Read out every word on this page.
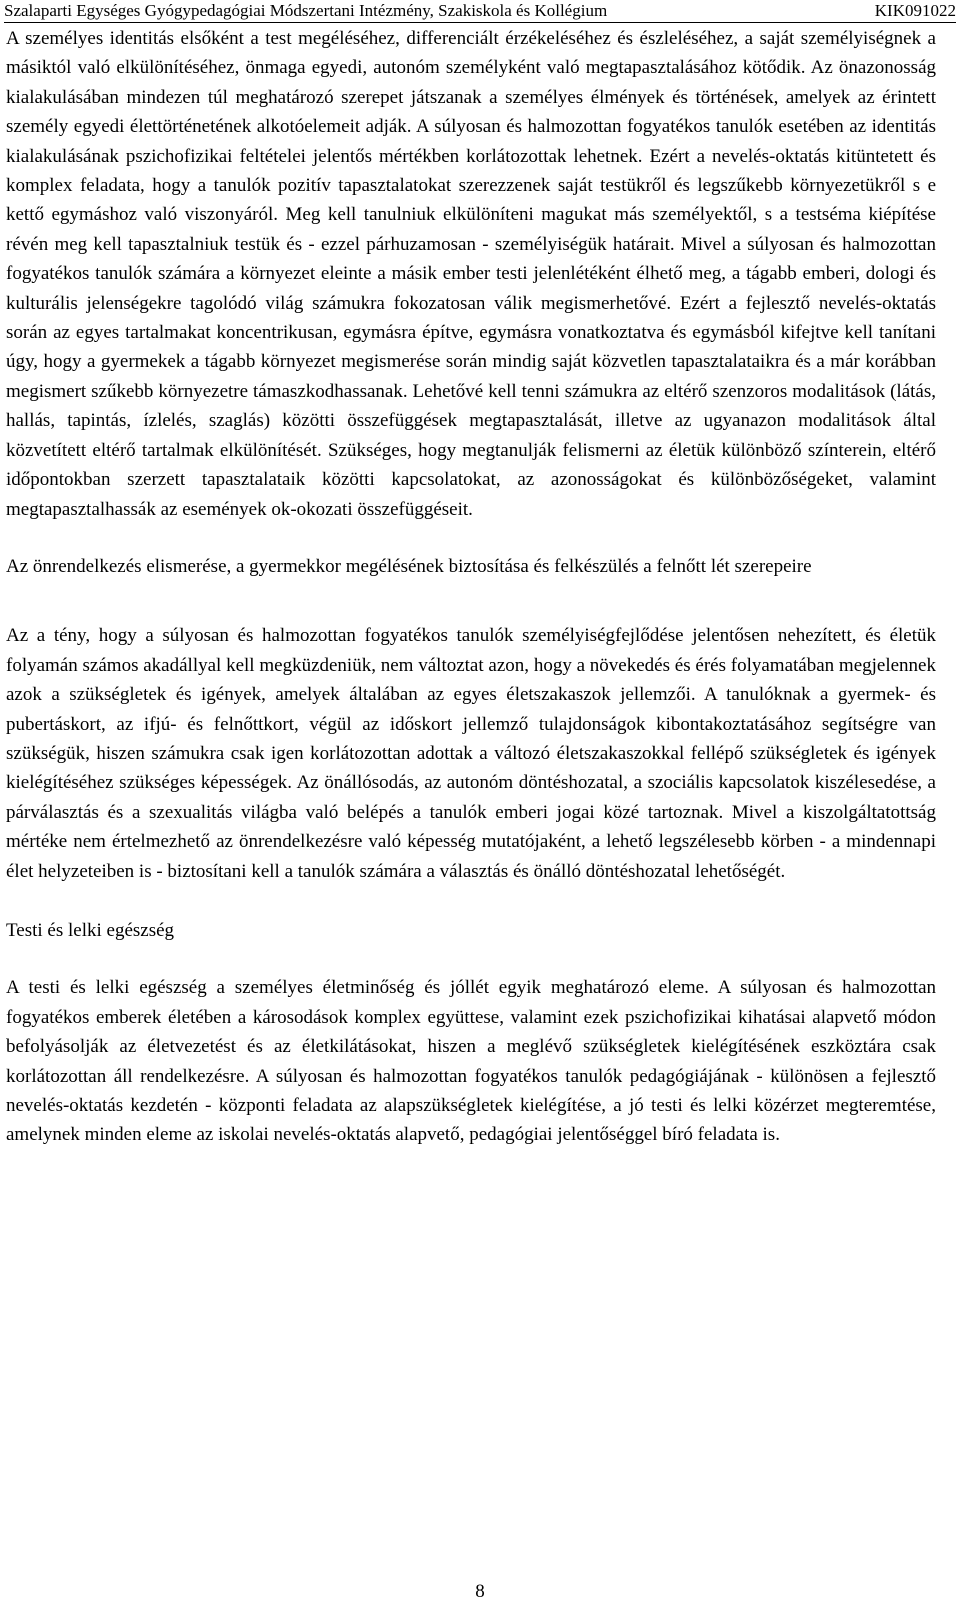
Szalaparti Egységes Gyógypedagógiai Módszertani Intézmény, Szakiskola és Kollégium	KIK091022

A személyes identitás elsőként a test megéléséhez, differenciált érzékeléséhez és észleléséhez, a saját személyiségnek a másiktól való elkülönítéséhez, önmaga egyedi, autonóm személyként való megtapasztalásához kötődik. Az önazonosság kialakulásában mindezen túl meghatározó szerepet játszanak a személyes élmények és történések, amelyek az érintett személy egyedi élettörténetének alkotóelemeit adják. A súlyosan és halmozottan fogyatékos tanulók esetében az identitás kialakulásának pszichofizikai feltételei jelentős mértékben korlátozottak lehetnek. Ezért a nevelés-oktatás kitüntetett és komplex feladata, hogy a tanulók pozitív tapasztalatokat szerezzenek saját testükről és legszűkebb környezetükről s e kettő egymáshoz való viszonyáról. Meg kell tanulniuk elkülöníteni magukat más személyektől, s a testséma kiépítése révén meg kell tapasztalniuk testük és - ezzel párhuzamosan - személyiségük határait. Mivel a súlyosan és halmozottan fogyatékos tanulók számára a környezet eleinte a másik ember testi jelenlétéként élhető meg, a tágabb emberi, dologi és kulturális jelenségekre tagolódó világ számukra fokozatosan válik megismerhetővé. Ezért a fejlesztő nevelés-oktatás során az egyes tartalmakat koncentrikusan, egymásra építve, egymásra vonatkoztatva és egymásból kifejtve kell tanítani úgy, hogy a gyermekek a tágabb környezet megismerése során mindig saját közvetlen tapasztalataikra és a már korábban megismert szűkebb környezetre támaszkodhassanak. Lehetővé kell tenni számukra az eltérő szenzoros modalitások (látás, hallás, tapintás, ízlelés, szaglás) közötti összefüggések megtapasztalását, illetve az ugyanazon modalitások által közvetített eltérő tartalmak elkülönítését. Szükséges, hogy megtanulják felismerni az életük különböző színterein, eltérő időpontokban szerzett tapasztalataik közötti kapcsolatokat, az azonosságokat és különbözőségeket, valamint megtapasztalhassák az események ok-okozati összefüggéseit.

Az önrendelkezés elismerése, a gyermekkor megélésének biztosítása és felkészülés a felnőtt lét szerepeire

Az a tény, hogy a súlyosan és halmozottan fogyatékos tanulók személyiségfejlődése jelentősen nehezített, és életük folyamán számos akadállyal kell megküzdeniük, nem változtat azon, hogy a növekedés és érés folyamatában megjelennek azok a szükségletek és igények, amelyek általában az egyes életszakaszok jellemzői. A tanulóknak a gyermek- és pubertáskort, az ifjú- és felnőttkort, végül az időskort jellemző tulajdonságok kibontakoztatásához segítségre van szükségük, hiszen számukra csak igen korlátozottan adottak a változó életszakaszokkal fellépő szükségletek és igények kielégítéséhez szükséges képességek. Az önállósodás, az autonóm döntéshozatal, a szociális kapcsolatok kiszélesedése, a párválasztás és a szexualitás világba való belépés a tanulók emberi jogai közé tartoznak. Mivel a kiszolgáltatottság mértéke nem értelmezhető az önrendelkezésre való képesség mutatójaként, a lehető legszélesebb körben - a mindennapi élet helyzeteiben is - biztosítani kell a tanulók számára a választás és önálló döntéshozatal lehetőségét.

Testi és lelki egészség

A testi és lelki egészség a személyes életminőség és jóllét egyik meghatározó eleme. A súlyosan és halmozottan fogyatékos emberek életében a károsodások komplex együttese, valamint ezek pszichofizikai kihatásai alapvető módon befolyásolják az életvezetést és az életkilátásokat, hiszen a meglévő szükségletek kielégítésének eszköztára csak korlátozottan áll rendelkezésre. A súlyosan és halmozottan fogyatékos tanulók pedagógiájának - különösen a fejlesztő nevelés-oktatás kezdetén - központi feladata az alapszükségletek kielégítése, a jó testi és lelki közérzet megteremtése, amelynek minden eleme az iskolai nevelés-oktatás alapvető, pedagógiai jelentőséggel bíró feladata is.

8
